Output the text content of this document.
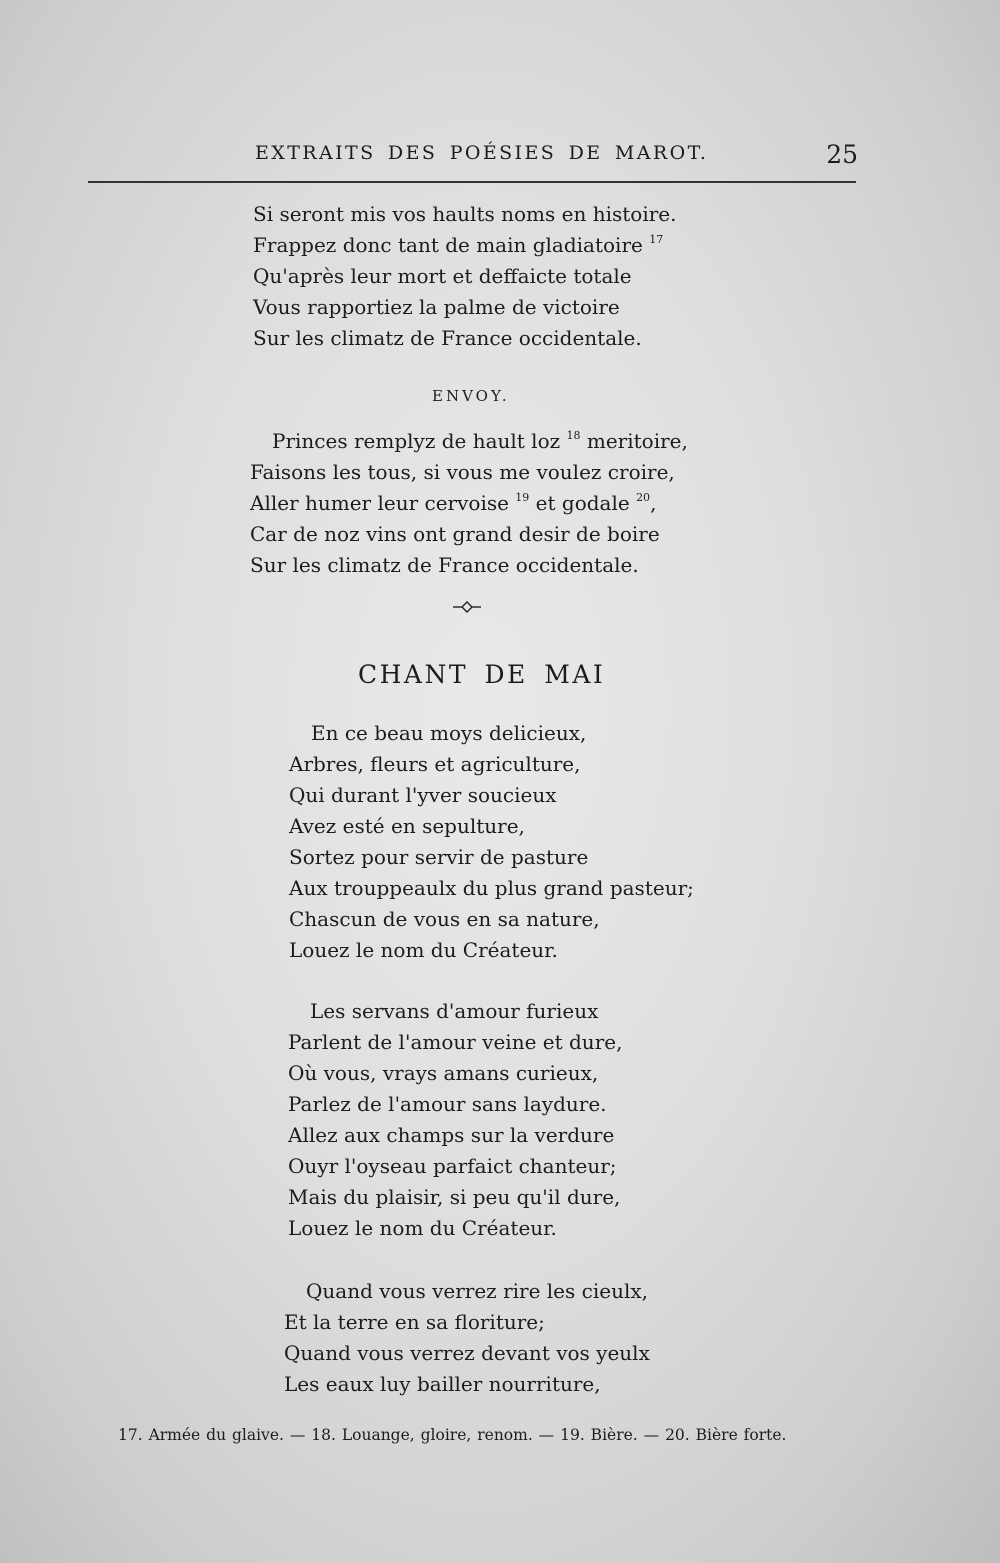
EXTRAITS DES POÉSIES DE MAROT.	25
Si seront mis vos haults noms en histoire.
Frappez donc tant de main gladiatoire $^{17}$
Qu'après leur mort et deffaicte totale
Vous rapportiez la palme de victoire
Sur les climatz de France occidentale.
ENVOY.
Princes remplyz de hault loz $^{18}$ meritoire,
Faisons les tous, si vous me voulez croire,
Aller humer leur cervoise $^{19}$ et godale $^{20}$,
Car de noz vins ont grand desir de boire
Sur les climatz de France occidentale.
CHANT DE MAI
En ce beau moys delicieux,
Arbres, fleurs et agriculture,
Qui durant l'yver soucieux
Avez esté en sepulture,
Sortez pour servir de pasture
Aux trouppeaulx du plus grand pasteur;
Chascun de vous en sa nature,
Louez le nom du Créateur.
Les servans d'amour furieux
Parlent de l'amour veine et dure,
Où vous, vrays amans curieux,
Parlez de l'amour sans laydure.
Allez aux champs sur la verdure
Ouyr l'oyseau parfaict chanteur;
Mais du plaisir, si peu qu'il dure,
Louez le nom du Créateur.
Quand vous verrez rire les cieulx,
Et la terre en sa floriture;
Quand vous verrez devant vos yeulx
Les eaux luy bailler nourriture,
17. Armée du glaive. — 18. Louange, gloire, renom. — 19. Bière. — 20. Bière forte.
